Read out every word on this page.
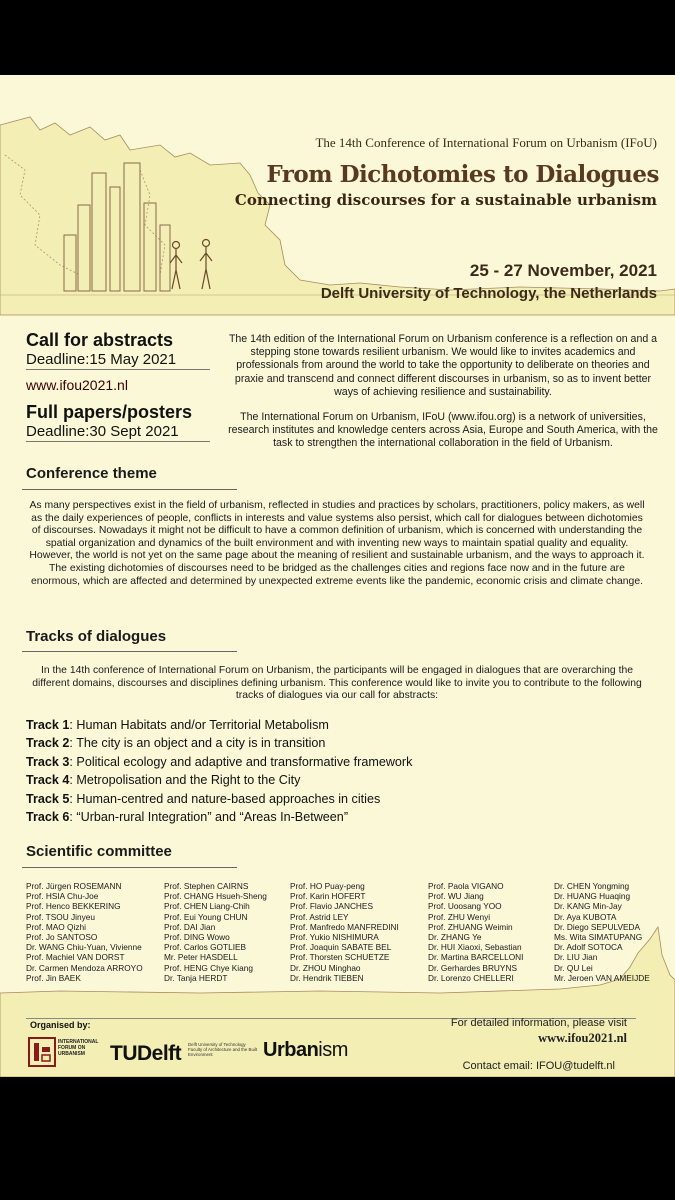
The 14th Conference of International Forum on Urbanism (IFoU)
From Dichotomies to Dialogues
Connecting discourses for a sustainable urbanism
25 - 27 November, 2021
Delft University of Technology, the Netherlands
Call for abstracts
Deadline:15 May 2021
www.ifou2021.nl
Full papers/posters
Deadline:30 Sept 2021

The 14th edition of the International Forum on Urbanism conference is a reflection on and a stepping stone towards resilient urbanism. We would like to invites academics and professionals from around the world to take the opportunity to deliberate on theories and praxie and transcend and connect different discourses in urbanism, so as to invent better ways of achieving resilience and sustainability.

The International Forum on Urbanism, IFoU (www.ifou.org) is a network of universities, research institutes and knowledge centers across Asia, Europe and South America, with the task to strengthen the international collaboration in the field of Urbanism.

Conference theme

As many perspectives exist in the field of urbanism, reflected in studies and practices by scholars, practitioners, policy makers, as well as the daily experiences of people, conflicts in interests and value systems also persist, which call for dialogues between dichotomies of discourses. Nowadays it might not be difficult to have a common definition of urbanism, which is concerned with understanding the spatial organization and dynamics of the built environment and with inventing new ways to maintain spatial quality and equality. However, the world is not yet on the same page about the meaning of resilient and sustainable urbanism, and the ways to approach it. The existing dichotomies of discourses need to be bridged as the challenges cities and regions face now and in the future are enormous, which are affected and determined by unexpected extreme events like the pandemic, economic crisis and climate change.

Tracks of dialogues

In the 14th conference of International Forum on Urbanism, the participants will be engaged in dialogues that are overarching the different domains, discourses and disciplines defining urbanism. This conference would like to invite you to contribute to the following tracks of dialogues via our call for abstracts:

Track 1: Human Habitats and/or Territorial Metabolism
Track 2: The city is an object and a city is in transition
Track 3: Political ecology and adaptive and transformative framework
Track 4: Metropolisation and the Right to the City
Track 5: Human-centred and nature-based approaches in cities
Track 6: “Urban-rural Integration” and “Areas In-Between”
Scientific committee
Prof. Jürgen ROSEMANN
Prof. HSIA Chu-Joe
Prof. Henco BEKKERING
Prof. TSOU Jinyeu
Prof. MAO Qizhi
Prof. Jo SANTOSO
Dr. WANG Chiu-Yuan, Vivienne
Prof. Machiel VAN DORST
Dr. Carmen Mendoza ARROYO
Prof. Jin BAEK
Prof. Stephen CAIRNS
Prof. CHANG Hsueh-Sheng
Prof. CHEN Liang-Chih
Prof. Eui Young CHUN
Prof. DAI Jian
Prof. DING Wowo
Prof. Carlos GOTLIEB
Mr. Peter HASDELL
Prof. HENG Chye Kiang
Dr. Tanja HERDT
Prof. HO Puay-peng
Prof. Karin HOFERT
Prof. Flavio JANCHES
Prof. Astrid LEY
Prof. Manfredo MANFREDINI
Prof. Yukio NISHIMURA
Prof. Joaquin SABATE BEL
Prof. Thorsten SCHUETZE
Dr. ZHOU Minghao
Dr. Hendrik TIEBEN
Prof. Paola VIGANO
Prof. WU Jiang
Prof. Uoosang YOO
Prof. ZHU Wenyi
Prof. ZHUANG Weimin
Dr. ZHANG Ye
Dr. HUI Xiaoxi, Sebastian
Dr. Martina BARCELLONI
Dr. Gerhardes BRUYNS
Dr. Lorenzo CHELLERI
Dr. CHEN Yongming
Dr. HUANG Huaqing
Dr. KANG Min-Jay
Dr. Aya KUBOTA
Dr. Diego SEPULVEDA
Ms. Wita SIMATUPANG
Dr. Adolf SOTOCA
Dr. LIU Jian
Dr. QU Lei
Mr. Jeroen VAN AMEIJDE
Organised by:
INTERNATIONAL FORUM ON URBANISM	TUDelft Delft University of Technology Faculty of Architecture and the Built Environment	Urbanism
For detailed information, please visit
www.ifou2021.nl
Contact email: IFOU@tudelft.nl
